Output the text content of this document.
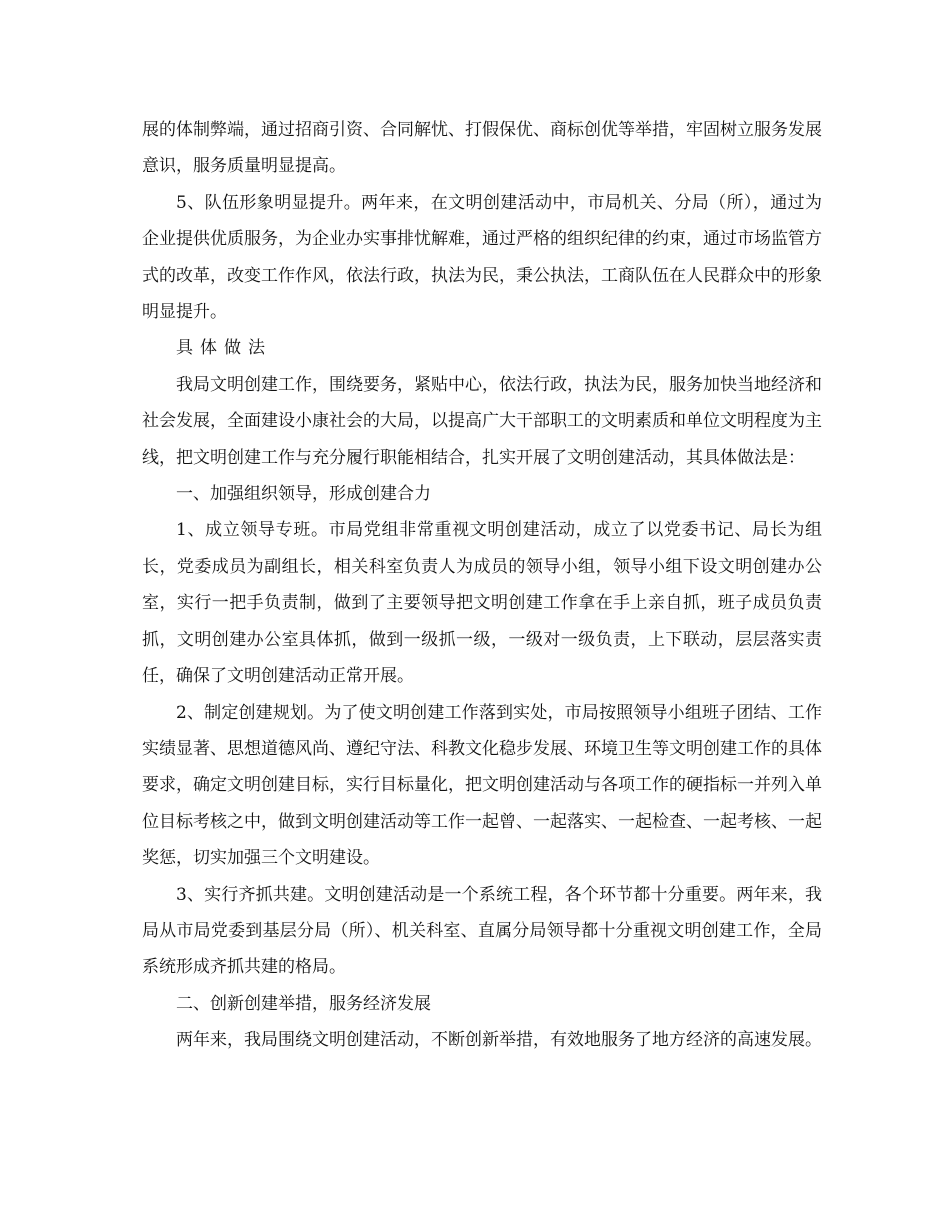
展的体制弊端，通过招商引资、合同解忧、打假保优、商标创优等举措，牢固树立服务发展意识，服务质量明显提高。

5、队伍形象明显提升。两年来，在文明创建活动中，市局机关、分局（所），通过为企业提供优质服务，为企业办实事排忧解难，通过严格的组织纪律的约束，通过市场监管方式的改革，改变工作作风，依法行政，执法为民，秉公执法，工商队伍在人民群众中的形象明显提升。

具体做法

我局文明创建工作，围绕要务，紧贴中心，依法行政，执法为民，服务加快当地经济和社会发展，全面建设小康社会的大局，以提高广大干部职工的文明素质和单位文明程度为主线，把文明创建工作与充分履行职能相结合，扎实开展了文明创建活动，其具体做法是：

一、加强组织领导，形成创建合力

1、成立领导专班。市局党组非常重视文明创建活动，成立了以党委书记、局长为组长，党委成员为副组长，相关科室负责人为成员的领导小组，领导小组下设文明创建办公室，实行一把手负责制，做到了主要领导把文明创建工作拿在手上亲自抓，班子成员负责抓，文明创建办公室具体抓，做到一级抓一级，一级对一级负责，上下联动，层层落实责任，确保了文明创建活动正常开展。

2、制定创建规划。为了使文明创建工作落到实处，市局按照领导小组班子团结、工作实绩显著、思想道德风尚、遵纪守法、科教文化稳步发展、环境卫生等文明创建工作的具体要求，确定文明创建目标，实行目标量化，把文明创建活动与各项工作的硬指标一并列入单位目标考核之中，做到文明创建活动等工作一起曾、一起落实、一起检查、一起考核、一起奖惩，切实加强三个文明建设。

3、实行齐抓共建。文明创建活动是一个系统工程，各个环节都十分重要。两年来，我局从市局党委到基层分局（所）、机关科室、直属分局领导都十分重视文明创建工作，全局系统形成齐抓共建的格局。

二、创新创建举措，服务经济发展

两年来，我局围绕文明创建活动，不断创新举措，有效地服务了地方经济的高速发展。
